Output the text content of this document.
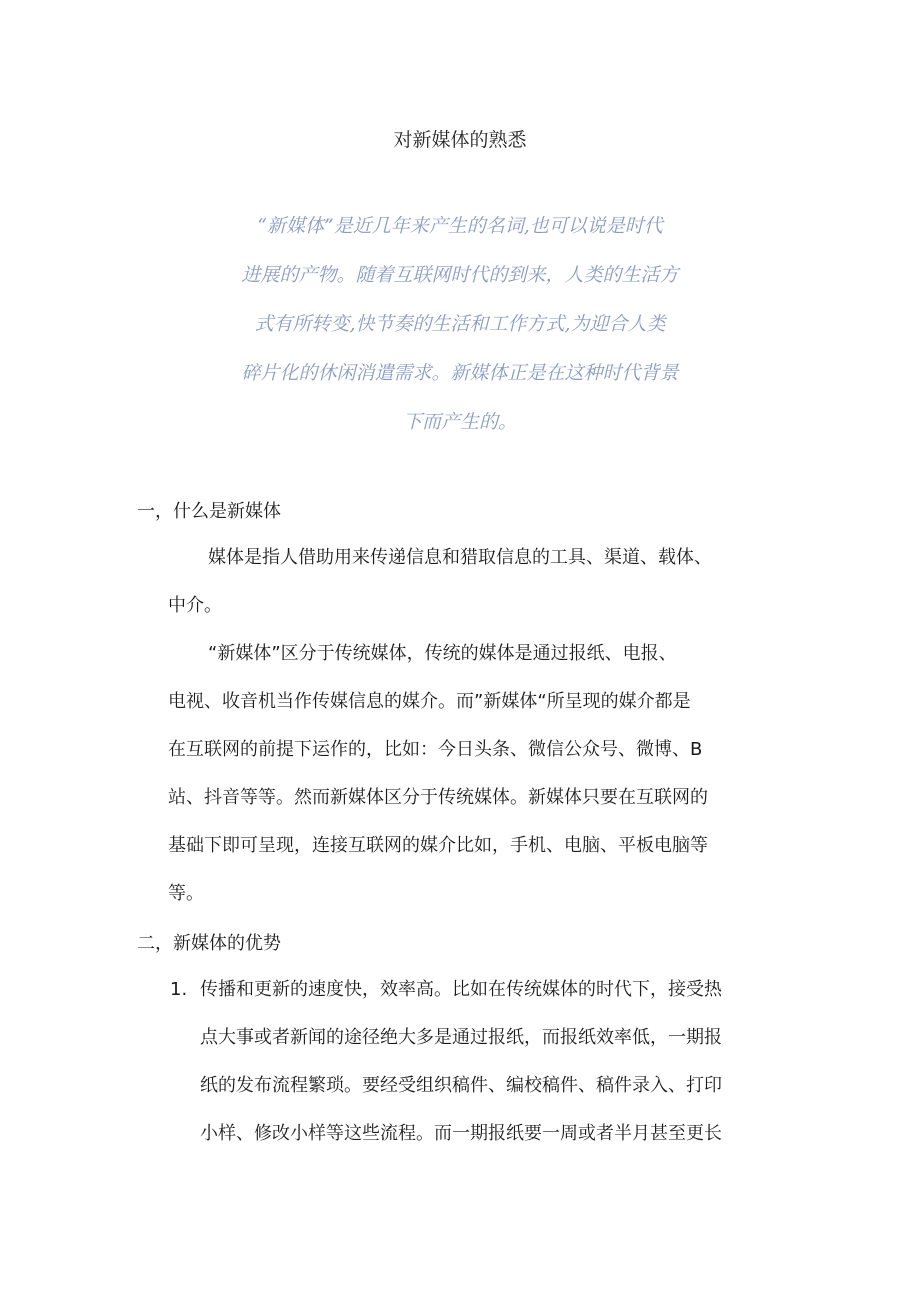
对新媒体的熟悉
“新媒体”是近几年来产生的名词,也可以说是时代
进展的产物。随着互联网时代的到来，人类的生活方
式有所转变,快节奏的生活和工作方式,为迎合人类
碎片化的休闲消遣需求。新媒体正是在这种时代背景
下而产生的。
一，什么是新媒体
媒体是指人借助用来传递信息和猎取信息的工具、渠道、载体、
中介。
“新媒体”区分于传统媒体，传统的媒体是通过报纸、电报、
电视、收音机当作传媒信息的媒介。而”新媒体“所呈现的媒介都是
在互联网的前提下运作的，比如：今日头条、微信公众号、微博、B
站、抖音等等。然而新媒体区分于传统媒体。新媒体只要在互联网的
基础下即可呈现，连接互联网的媒介比如，手机、电脑、平板电脑等
等。
二，新媒体的优势
1. 传播和更新的速度快，效率高。比如在传统媒体的时代下，接受热
点大事或者新闻的途径绝大多是通过报纸，而报纸效率低，一期报
纸的发布流程繁琐。要经受组织稿件、编校稿件、稿件录入、打印
小样、修改小样等这些流程。而一期报纸要一周或者半月甚至更长
